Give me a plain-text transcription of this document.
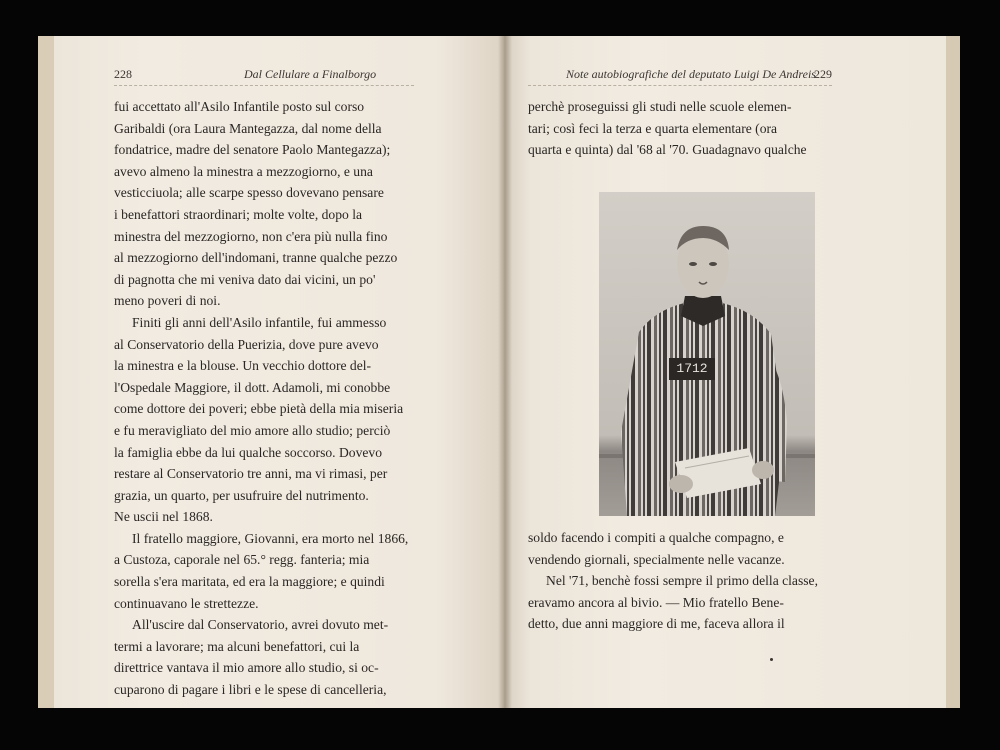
228	Dal Cellulare a Finalborgo
fui accettato all'Asilo Infantile posto sul corso
Garibaldi (ora Laura Mantegazza, dal nome della
fondatrice, madre del senatore Paolo Mantegazza);
avevo almeno la minestra a mezzogiorno, e una
vesticciuola; alle scarpe spesso dovevano pensare
i benefattori straordinari; molte volte, dopo la
minestra del mezzogiorno, non c'era più nulla fino
al mezzogiorno dell'indomani, tranne qualche pezzo
di pagnotta che mi veniva dato dai vicini, un po'
meno poveri di noi.
Finiti gli anni dell'Asilo infantile, fui ammesso
al Conservatorio della Puerizia, dove pure avevo
la minestra e la blouse. Un vecchio dottore del-
l'Ospedale Maggiore, il dott. Adamoli, mi conobbe
come dottore dei poveri; ebbe pietà della mia miseria
e fu meravigliato del mio amore allo studio; perciò
la famiglia ebbe da lui qualche soccorso. Dovevo
restare al Conservatorio tre anni, ma vi rimasi, per
grazia, un quarto, per usufruire del nutrimento.
Ne uscii nel 1868.
Il fratello maggiore, Giovanni, era morto nel 1866,
a Custoza, caporale nel 65.° regg. fanteria; mia
sorella s'era maritata, ed era la maggiore; e quindi
continuavano le strettezze.
All'uscire dal Conservatorio, avrei dovuto met-
termi a lavorare; ma alcuni benefattori, cui la
direttrice vantava il mio amore allo studio, si oc-
cuparono di pagare i libri e le spese di cancelleria,
Note autobiografiche del deputato Luigi De Andreis
229
perchè proseguissi gli studi nelle scuole elemen-
tari; così feci la terza e quarta elementare (ora
quarta e quinta) dal '68 al '70. Guadagnavo qualche
1712
soldo facendo i compiti a qualche compagno, e
vendendo giornali, specialmente nelle vacanze.
Nel '71, benchè fossi sempre il primo della classe,
eravamo ancora al bivio. — Mio fratello Bene-
detto, due anni maggiore di me, faceva allora il
